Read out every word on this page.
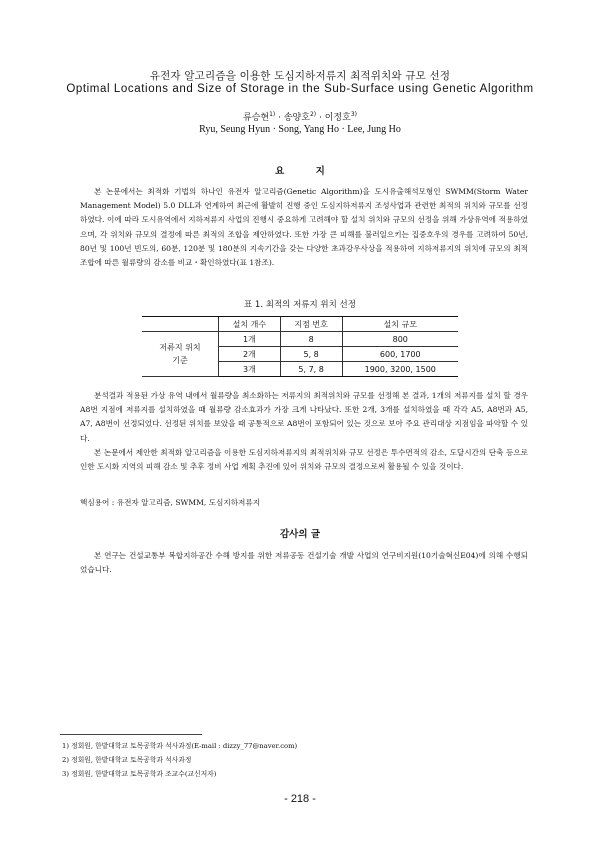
유전자 알고리즘을 이용한 도심지하저류지 최적위치와 규모 선정
Optimal Locations and Size of Storage in the Sub-Surface using Genetic Algorithm
류승현$^{1)}$ · 송양호$^{2)}$ · 이정호$^{3)}$
Ryu, Seung Hyun · Song, Yang Ho · Lee, Jung Ho
요 지

본 논문에서는 최적화 기법의 하나인 유전자 알고리즘(Genetic Algorithm)을 도시유출해석모형인 SWMM(Storm Water Management Model) 5.0 DLL과 연계하여 최근에 활발히 진행 중인 도심지하저류지 조성사업과 관련한 최적의 위치와 규모를 선정하였다. 이에 따라 도시유역에서 지하저류지 사업의 진행시 중요하게 고려해야 할 설치 위치와 규모의 선정을 위해 가상유역에 적용하였으며, 각 위치와 규모의 결정에 따른 최적의 조합을 제안하였다. 또한 가장 큰 피해를 불러일으키는 집중호우의 경우를 고려하여 50년, 80년 및 100년 빈도의, 60분, 120분 및 180분의 지속기간을 갖는 다양한 초과강우사상을 적용하여 지하저류지의 위치에 규모의 최적 조합에 따른 월류량의 감소를 비교・확인하였다(표 1참조).

표 1. 최적의 저류지 위치 선정
	설치 개수	지점 번호	설치 규모
저류지 위치
기준	1개	8	800
	2개	5, 8	600, 1700
	3개	5, 7, 8	1900, 3200, 1500

분석결과 적용된 가상 유역 내에서 월류량을 최소화하는 저류지의 최적위치와 규모를 선정해 본 결과, 1개의 저류지를 설치 할 경우 A8번 지점에 저류지를 설치하였을 때 월류량 감소효과가 가장 크게 나타났다. 또한 2개, 3개를 설치하였을 때 각각 A5, A8번과 A5, A7, A8번이 선정되었다. 선정된 위치를 보았을 때 공통적으로 A8번이 포함되어 있는 것으로 보아 주요 관리대상 지점임을 파악할 수 있다.

본 논문에서 제안한 최적화 알고리즘을 이용한 도심지하저류지의 최적위치와 규모 선정은 투수면적의 감소, 도달시간의 단축 등으로 인한 도시화 지역의 피해 감소 및 추후 정비 사업 계획 추진에 있어 위치와 규모의 결정으로써 활용될 수 있을 것이다.

핵심용어 : 유전자 알고리즘, SWMM, 도심지하저류지
감사의 글

본 연구는 건설교통부 복합지하공간 수해 방지를 위한 저류공동 건설기술 개발 사업의 연구비지원(10기술혁신E04)에 의해 수행되었습니다.

1) 정회원, 한밭대학교 토목공학과 석사과정(E-mail : dizzy_77@naver.com)
2) 정회원, 한밭대학교 토목공학과 석사과정
3) 정회원, 한밭대학교 토목공학과 조교수(교신저자)
- 218 -
